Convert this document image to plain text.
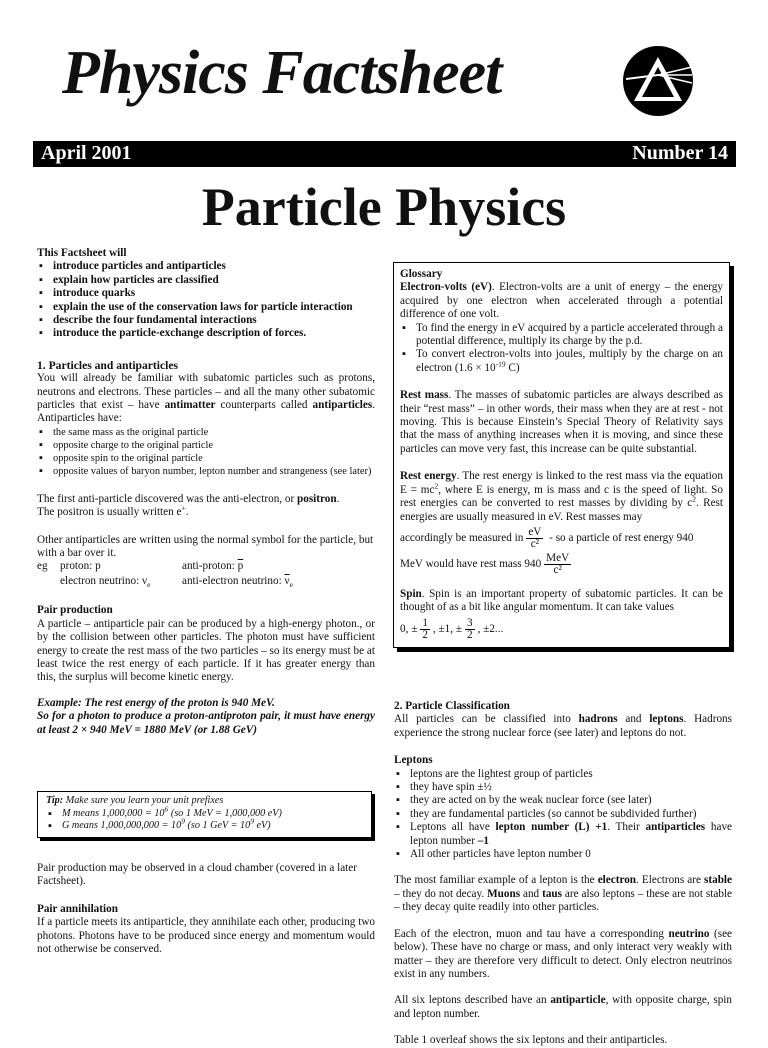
Physics Factsheet
April 2001	Number 14
Particle Physics

This Factsheet will

▪ introduce particles and antiparticles
▪ explain how particles are classified
▪ introduce quarks
▪ explain the use of the conservation laws for particle interaction
▪ describe the four fundamental interactions
▪ introduce the particle-exchange description of forces.

1. Particles and antiparticles

You will already be familiar with subatomic particles such as protons, neutrons and electrons. These particles – and all the many other subatomic particles that exist – have antimatter counterparts called antiparticles. Antiparticles have:

▪ the same mass as the original particle
▪ opposite charge to the original particle
▪ opposite spin to the original particle
▪ opposite values of baryon number, lepton number and strangeness (see later)

The first anti-particle discovered was the anti-electron, or positron.
The positron is usually written e+.

Other antiparticles are written using the normal symbol for the particle, but with a bar over it.

eg proton: p	anti-proton: $\overline{p}$
electron neutrino: $\nu_e$	anti-electron neutrino: $\overline{\nu}_e$

Pair production

A particle – antiparticle pair can be produced by a high-energy photon., or by the collision between other particles. The photon must have sufficient energy to create the rest mass of the two particles – so its energy must be at least twice the rest energy of each particle. If it has greater energy than this, the surplus will become kinetic energy.

Example: The rest energy of the proton is 940 MeV.

So for a photon to produce a proton-antiproton pair, it must have energy at least 2 × 940 MeV = 1880 MeV (or 1.88 GeV)

Tip: Make sure you learn your unit prefixes
▪ M means $1,000,000 = 10^6$ (so 1 MeV = 1,000,000 eV)
▪ G means $1,000,000,000 = 10^9$ (so 1 GeV = $10^9$ eV)

Pair production may be observed in a cloud chamber (covered in a later Factsheet).

Pair annihilation

If a particle meets its antiparticle, they annihilate each other, producing two photons. Photons have to be produced since energy and momentum would not otherwise be conserved.

Glossary

Electron-volts (eV). Electron-volts are a unit of energy – the energy acquired by one electron when accelerated through a potential difference of one volt.

▪ To find the energy in eV acquired by a particle accelerated through a potential difference, multiply its charge by the p.d.
▪ To convert electron-volts into joules, multiply by the charge on an electron ($1.6 \times 10^{-19}$ C)

Rest mass. The masses of subatomic particles are always described as their “rest mass” – in other words, their mass when they are at rest - not moving. This is because Einstein’s Special Theory of Relativity says that the mass of anything increases when it is moving, and since these particles can move very fast, this increase can be quite substantial.

Rest energy. The rest energy is linked to the rest mass via the equation $E = mc^2$, where E is energy, m is mass and c is the speed of light. So rest energies can be converted to rest masses by dividing by $c^2$. Rest energies are usually measured in eV. Rest masses may

accordingly be measured in $\frac{eV}{\text{c²}}$ - so a particle of rest energy 940
MeV would have rest mass $940 \frac{\text{MeV}}{\text{c²}}$

Spin. Spin is an important property of subatomic particles. It can be thought of as a bit like angular momentum. It can take values

0, ± $\frac{1}{2}$ , ±1, ± $\frac{3}{2}$ , ±2...

2. Particle Classification

All particles can be classified into hadrons and leptons. Hadrons experience the strong nuclear force (see later) and leptons do not.

Leptons

▪ leptons are the lightest group of particles
▪ they have spin ±½
▪ they are acted on by the weak nuclear force (see later)
▪ they are fundamental particles (so cannot be subdivided further)
▪ Leptons all have lepton number (L) +1. Their antiparticles have lepton number –1
▪ All other particles have lepton number 0

The most familiar example of a lepton is the electron. Electrons are stable – they do not decay. Muons and taus are also leptons – these are not stable – they decay quite readily into other particles.

Each of the electron, muon and tau have a corresponding neutrino (see below). These have no charge or mass, and only interact very weakly with matter – they are therefore very difficult to detect. Only electron neutrinos exist in any numbers.

All six leptons described have an antiparticle, with opposite charge, spin and lepton number.

Table 1 overleaf shows the six leptons and their antiparticles.
